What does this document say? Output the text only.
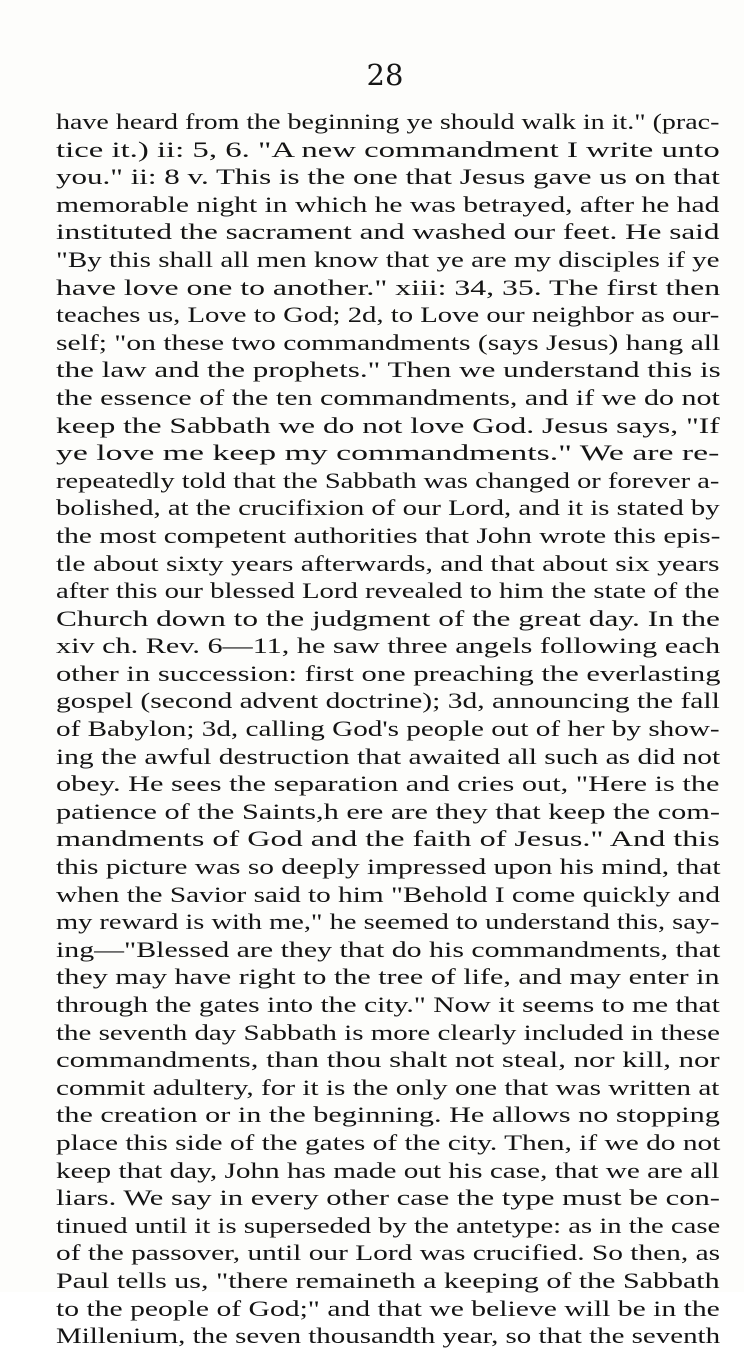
28
have heard from the beginning ye should walk in it." (prac-
tice it.) ii: 5, 6. "A new commandment I write unto
you." ii: 8 v. This is the one that Jesus gave us on that
memorable night in which he was betrayed, after he had
instituted the sacrament and washed our feet. He said
"By this shall all men know that ye are my disciples if ye
have love one to another." xiii: 34, 35. The first then
teaches us, Love to God; 2d, to Love our neighbor as our-
self; "on these two commandments (says Jesus) hang all
the law and the prophets." Then we understand this is
the essence of the ten commandments, and if we do not
keep the Sabbath we do not love God. Jesus says, "If
ye love me keep my commandments." We are re-
repeatedly told that the Sabbath was changed or forever a-
bolished, at the crucifixion of our Lord, and it is stated by
the most competent authorities that John wrote this epis-
tle about sixty years afterwards, and that about six years
after this our blessed Lord revealed to him the state of the
Church down to the judgment of the great day. In the
xiv ch. Rev. 6—11, he saw three angels following each
other in succession: first one preaching the everlasting
gospel (second advent doctrine); 3d, announcing the fall
of Babylon; 3d, calling God's people out of her by show-
ing the awful destruction that awaited all such as did not
obey. He sees the separation and cries out, "Here is the
patience of the Saints,h ere are they that keep the com-
mandments of God and the faith of Jesus." And this
this picture was so deeply impressed upon his mind, that
when the Savior said to him "Behold I come quickly and
my reward is with me," he seemed to understand this, say-
ing—"Blessed are they that do his commandments, that
they may have right to the tree of life, and may enter in
through the gates into the city." Now it seems to me that
the seventh day Sabbath is more clearly included in these
commandments, than thou shalt not steal, nor kill, nor
commit adultery, for it is the only one that was written at
the creation or in the beginning. He allows no stopping
place this side of the gates of the city. Then, if we do not
keep that day, John has made out his case, that we are all
liars. We say in every other case the type must be con-
tinued until it is superseded by the antetype: as in the case
of the passover, until our Lord was crucified. So then, as
Paul tells us, "there remaineth a keeping of the Sabbath
to the people of God;" and that we believe will be in the
Millenium, the seven thousandth year, so that the seventh
